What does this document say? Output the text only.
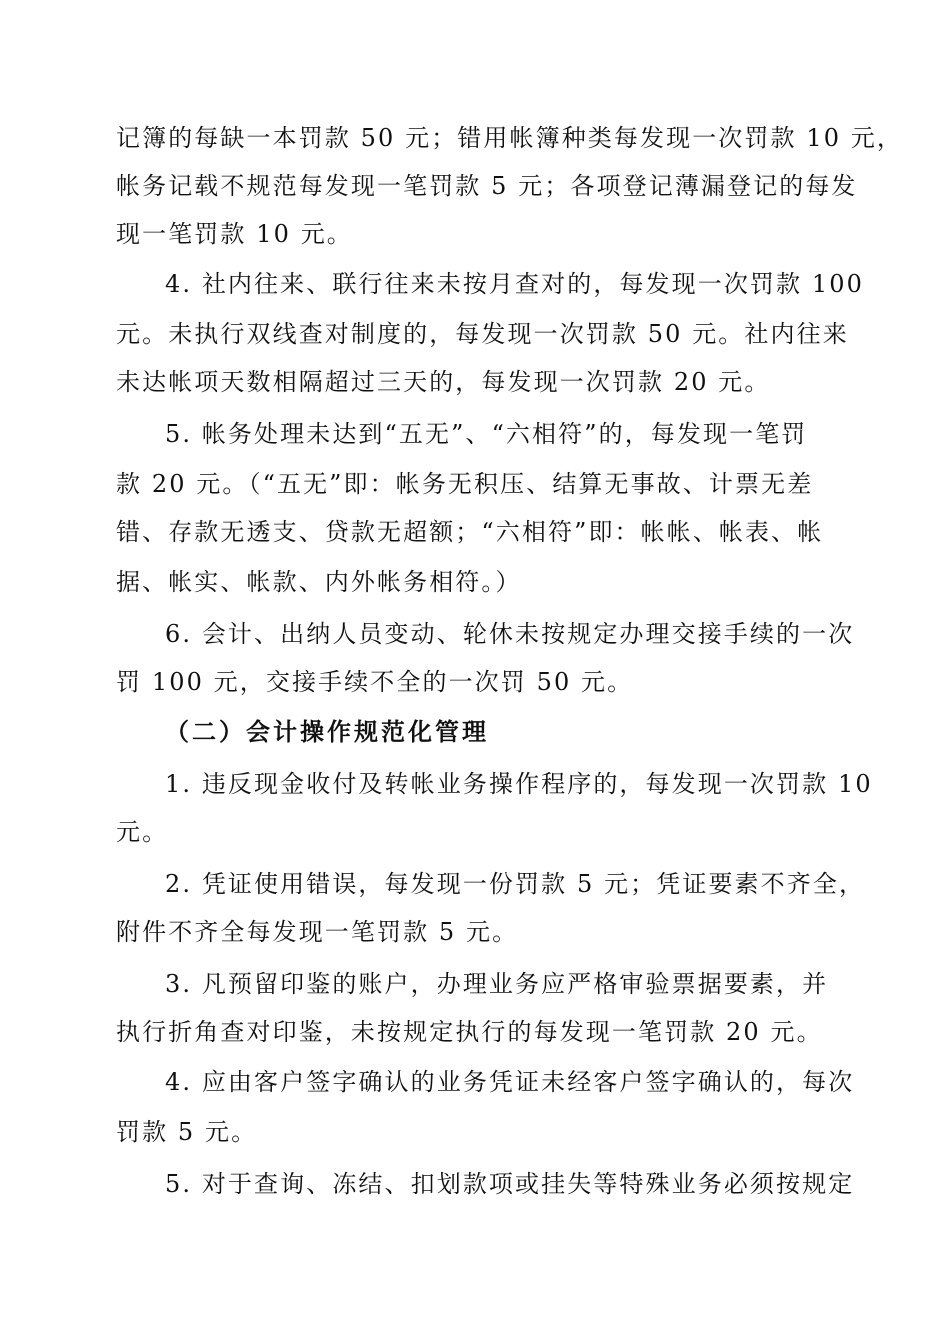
记簿的每缺一本罚款 50 元；错用帐簿种类每发现一次罚款 10 元，
帐务记载不规范每发现一笔罚款 5 元；各项登记薄漏登记的每发
现一笔罚款 10 元。
4. 社内往来、联行往来未按月查对的，每发现一次罚款 100
元。未执行双线查对制度的，每发现一次罚款 50 元。社内往来
未达帐项天数相隔超过三天的，每发现一次罚款 20 元。
5. 帐务处理未达到“五无”、“六相符”的，每发现一笔罚
款 20 元。（“五无”即：帐务无积压、结算无事故、计票无差
错、存款无透支、贷款无超额；“六相符”即：帐帐、帐表、帐
据、帐实、帐款、内外帐务相符。）
6. 会计、出纳人员变动、轮休未按规定办理交接手续的一次
罚 100 元，交接手续不全的一次罚 50 元。
（二）会计操作规范化管理
1. 违反现金收付及转帐业务操作程序的，每发现一次罚款 10
元。
2. 凭证使用错误，每发现一份罚款 5 元；凭证要素不齐全，
附件不齐全每发现一笔罚款 5 元。
3. 凡预留印鉴的账户，办理业务应严格审验票据要素，并
执行折角查对印鉴，未按规定执行的每发现一笔罚款 20 元。
4. 应由客户签字确认的业务凭证未经客户签字确认的，每次
罚款 5 元。
5. 对于查询、冻结、扣划款项或挂失等特殊业务必须按规定
